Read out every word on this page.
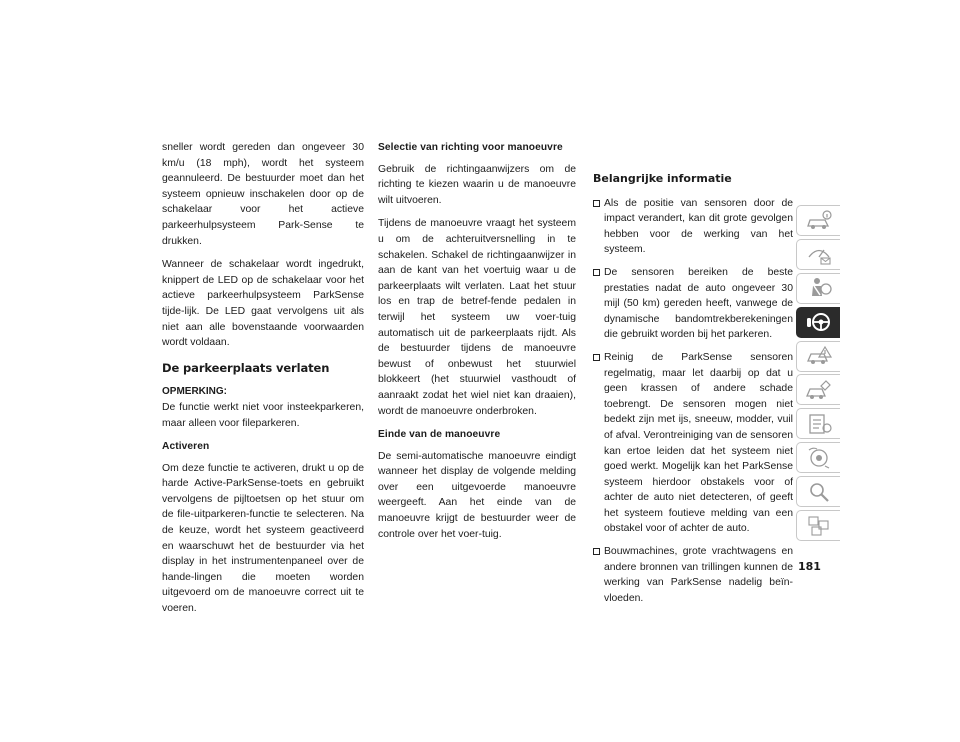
sneller wordt gereden dan ongeveer 30 km/u (18 mph), wordt het systeem geannuleerd. De bestuurder moet dan het systeem opnieuw inschakelen door op de schakelaar voor het actieve parkeerhulpsysteem Park-Sense te drukken.

Wanneer de schakelaar wordt ingedrukt, knippert de LED op de schakelaar voor het actieve parkeerhulpsysteem ParkSense tijde-lijk. De LED gaat vervolgens uit als niet aan alle bovenstaande voorwaarden wordt voldaan.

De parkeerplaats verlaten

OPMERKING:
De functie werkt niet voor insteekparkeren, maar alleen voor fileparkeren.

Activeren

Om deze functie te activeren, drukt u op de harde Active-ParkSense-toets en gebruikt vervolgens de pijltoetsen op het stuur om de file-uitparkeren-functie te selecteren. Na de keuze, wordt het systeem geactiveerd en waarschuwt het de bestuurder via het display in het instrumentenpaneel over de hande-lingen die moeten worden uitgevoerd om de manoeuvre correct uit te voeren.

Selectie van richting voor manoeuvre

Gebruik de richtingaanwijzers om de richting te kiezen waarin u de manoeuvre wilt uitvoeren.

Tijdens de manoeuvre vraagt het systeem u om de achteruitversnelling in te schakelen. Schakel de richtingaanwijzer in aan de kant van het voertuig waar u de parkeerplaats wilt verlaten. Laat het stuur los en trap de betref-fende pedalen in terwijl het systeem uw voer-tuig automatisch uit de parkeerplaats rijdt. Als de bestuurder tijdens de manoeuvre bewust of onbewust het stuurwiel blokkeert (het stuurwiel vasthoudt of aanraakt zodat het wiel niet kan draaien), wordt de manoeuvre onderbroken.

Einde van de manoeuvre

De semi-automatische manoeuvre eindigt wanneer het display de volgende melding over een uitgevoerde manoeuvre weergeeft. Aan het einde van de manoeuvre krijgt de bestuurder weer de controle over het voer-tuig.

Belangrijke informatie
Als de positie van sensoren door de impact verandert, kan dit grote gevolgen hebben voor de werking van het systeem.
De sensoren bereiken de beste prestaties nadat de auto ongeveer 30 mijl (50 km) gereden heeft, vanwege de dynamische bandomtrekberekeningen die gebruikt worden bij het parkeren.
Reinig de ParkSense sensoren regelmatig, maar let daarbij op dat u geen krassen of andere schade toebrengt. De sensoren mogen niet bedekt zijn met ijs, sneeuw, modder, vuil of afval. Verontreiniging van de sensoren kan ertoe leiden dat het systeem niet goed werkt. Mogelijk kan het ParkSense systeem hierdoor obstakels voor of achter de auto niet detecteren, of geeft het systeem foutieve melding van een obstakel voor of achter de auto.
Bouwmachines, grote vrachtwagens en andere bronnen van trillingen kunnen de werking van ParkSense nadelig beïn-vloeden.
181
